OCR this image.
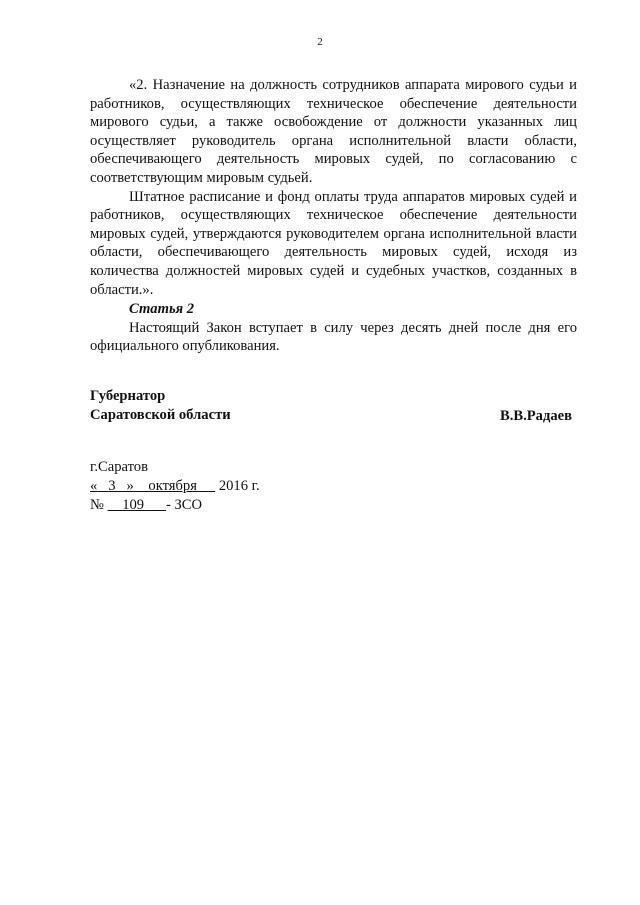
2

«2. Назначение на должность сотрудников аппарата мирового судьи и работников, осуществляющих техническое обеспечение деятельности мирового судьи, а также освобождение от должности указанных лиц осуществляет руководитель органа исполнительной власти области, обеспечивающего деятельность мировых судей, по согласованию с соответствующим мировым судьей.

Штатное расписание и фонд оплаты труда аппаратов мировых судей и работников, осуществляющих техническое обеспечение деятельности мировых судей, утверждаются руководителем органа исполнительной власти области, обеспечивающего деятельность мировых судей, исходя из количества должностей мировых судей и судебных участков, созданных в области.».

Статья 2

Настоящий Закон вступает в силу через десять дней после дня его официального опубликования.

Губернатор
Саратовской области	В.В.Радаев
г.Саратов
« 3 » октября 2016 г.
№ 109 - ЗСО
